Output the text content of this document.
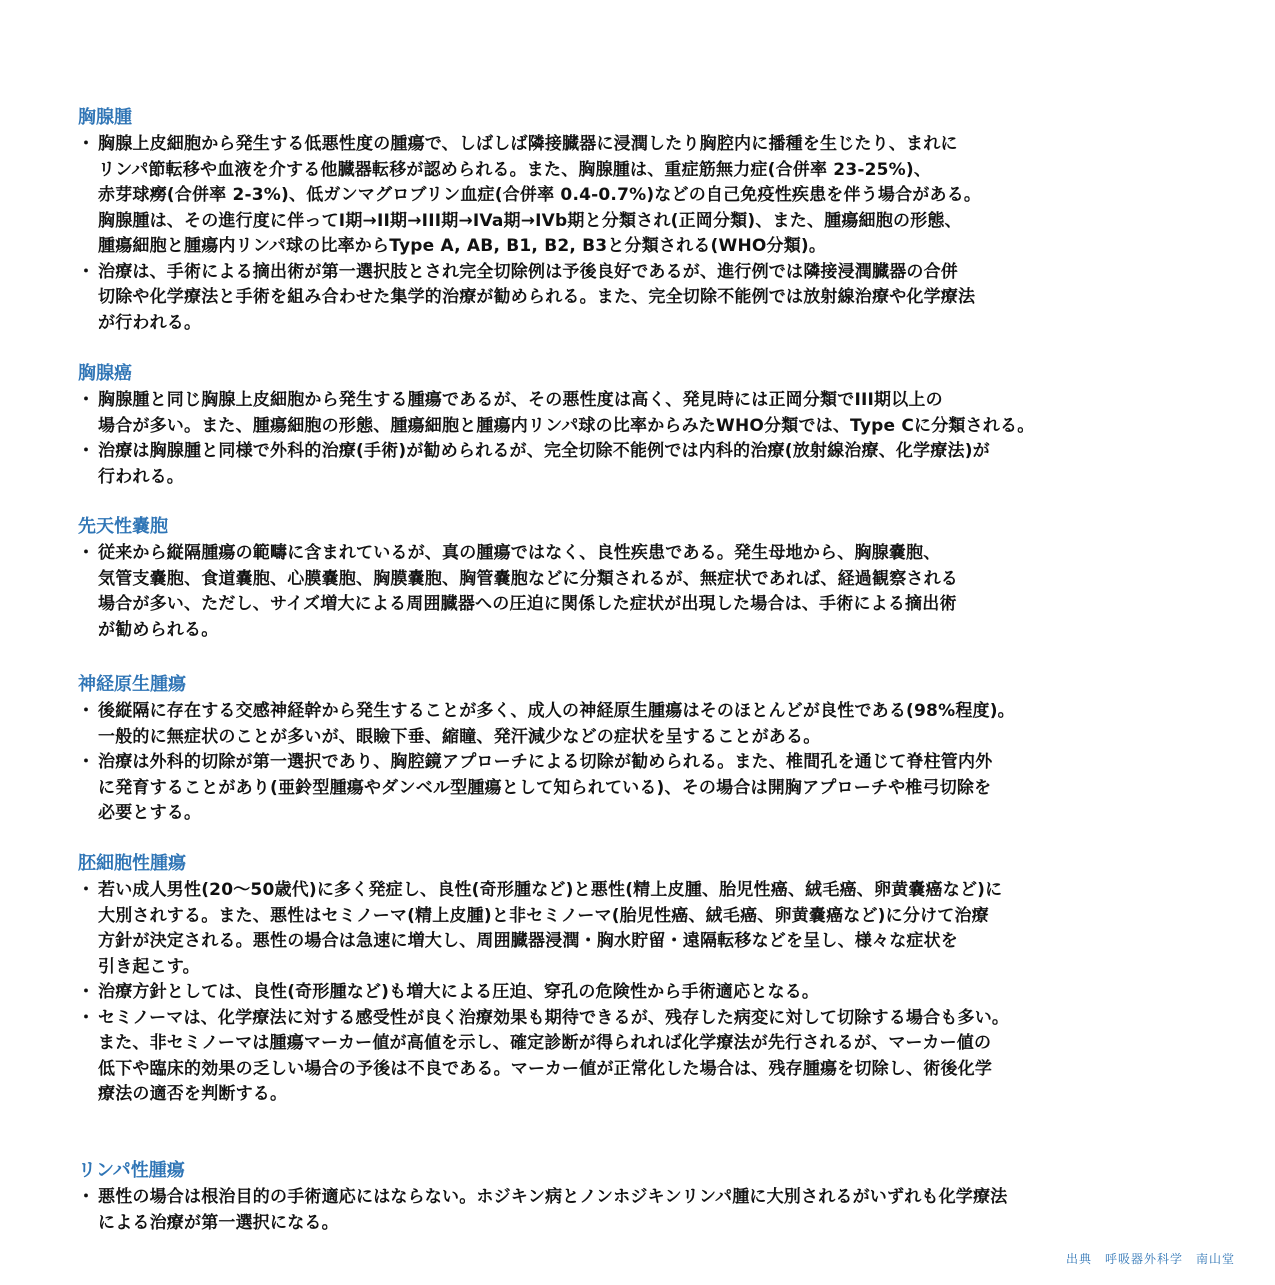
胸腺腫
・ 胸腺上皮細胞から発生する低悪性度の腫瘍で、しばしば隣接臓器に浸潤したり胸腔内に播種を生じたり、まれに
リンパ節転移や血液を介する他臓器転移が認められる。また、胸腺腫は、重症筋無力症(合併率 23-25%)、
赤芽球癆(合併率 2-3%)、低ガンマグロブリン血症(合併率 0.4-0.7%)などの自己免疫性疾患を伴う場合がある。
胸腺腫は、その進行度に伴ってI期→II期→III期→IVa期→IVb期と分類され(正岡分類)、また、腫瘍細胞の形態、
腫瘍細胞と腫瘍内リンパ球の比率からType A, AB, B1, B2, B3と分類される(WHO分類)。
・ 治療は、手術による摘出術が第一選択肢とされ完全切除例は予後良好であるが、進行例では隣接浸潤臓器の合併
切除や化学療法と手術を組み合わせた集学的治療が勧められる。また、完全切除不能例では放射線治療や化学療法
が行われる。
胸腺癌
・ 胸腺腫と同じ胸腺上皮細胞から発生する腫瘍であるが、その悪性度は高く、発見時には正岡分類でIII期以上の
場合が多い。また、腫瘍細胞の形態、腫瘍細胞と腫瘍内リンパ球の比率からみたWHO分類では、Type Cに分類される。
・ 治療は胸腺腫と同様で外科的治療(手術)が勧められるが、完全切除不能例では内科的治療(放射線治療、化学療法)が
行われる。
先天性嚢胞
・ 従来から縦隔腫瘍の範疇に含まれているが、真の腫瘍ではなく、良性疾患である。発生母地から、胸腺嚢胞、
気管支嚢胞、食道嚢胞、心膜嚢胞、胸膜嚢胞、胸管嚢胞などに分類されるが、無症状であれば、経過観察される
場合が多い、ただし、サイズ増大による周囲臓器への圧迫に関係した症状が出現した場合は、手術による摘出術
が勧められる。
神経原生腫瘍
・ 後縦隔に存在する交感神経幹から発生することが多く、成人の神経原生腫瘍はそのほとんどが良性である(98%程度)。
一般的に無症状のことが多いが、眼瞼下垂、縮瞳、発汗減少などの症状を呈することがある。
・ 治療は外科的切除が第一選択であり、胸腔鏡アプローチによる切除が勧められる。また、椎間孔を通じて脊柱管内外
に発育することがあり(亜鈴型腫瘍やダンベル型腫瘍として知られている)、その場合は開胸アプローチや椎弓切除を
必要とする。
胚細胞性腫瘍
・ 若い成人男性(20～50歳代)に多く発症し、良性(奇形腫など)と悪性(精上皮腫、胎児性癌、絨毛癌、卵黄嚢癌など)に
大別されする。また、悪性はセミノーマ(精上皮腫)と非セミノーマ(胎児性癌、絨毛癌、卵黄嚢癌など)に分けて治療
方針が決定される。悪性の場合は急速に増大し、周囲臓器浸潤・胸水貯留・遠隔転移などを呈し、様々な症状を
引き起こす。
・ 治療方針としては、良性(奇形腫など)も増大による圧迫、穿孔の危険性から手術適応となる。
・ セミノーマは、化学療法に対する感受性が良く治療効果も期待できるが、残存した病変に対して切除する場合も多い。
また、非セミノーマは腫瘍マーカー値が高値を示し、確定診断が得られれば化学療法が先行されるが、マーカー値の
低下や臨床的効果の乏しい場合の予後は不良である。マーカー値が正常化した場合は、残存腫瘍を切除し、術後化学
療法の適否を判断する。
リンパ性腫瘍
・ 悪性の場合は根治目的の手術適応にはならない。ホジキン病とノンホジキンリンパ腫に大別されるがいずれも化学療法
による治療が第一選択になる。
出典　呼吸器外科学　南山堂
